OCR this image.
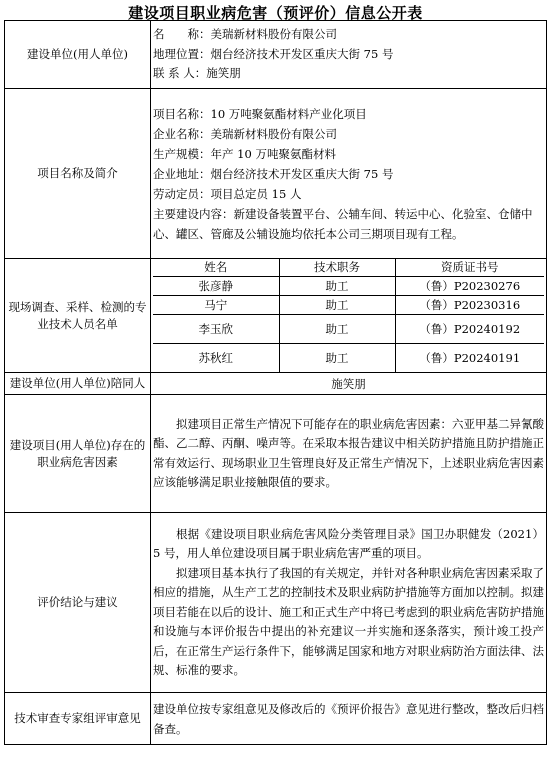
建设项目职业病危害（预评价）信息公开表
建设单位(用人单位)	
名　　称：美瑞新材料股份有限公司
地理位置：烟台经济技术开发区重庆大街 75 号
联 系 人：施笑朋

项目名称及简介	
项目名称：10 万吨聚氨酯材料产业化项目
企业名称：美瑞新材料股份有限公司
生产规模：年产 10 万吨聚氨酯材料
企业地址：烟台经济技术开发区重庆大街 75 号
劳动定员：项目总定员 15 人
主要建设内容：新建设备装置平台、公辅车间、转运中心、化验室、仓储中心、罐区、管廊及公辅设施均依托本公司三期项目现有工程。

现场调查、采样、检测的专业技术人员名单	
姓名	技术职务	资质证书号
张彦静	助工	（鲁）P20230276
马宁	助工	（鲁）P20230316
李玉欣	助工	（鲁）P20240192
苏秋红	助工	（鲁）P20240191

建设单位(用人单位)陪同人	施笑朋
建设项目(用人单位)存在的职业病危害因素	
拟建项目正常生产情况下可能存在的职业病危害因素：六亚甲基二异氰酸酯、乙二醇、丙酮、噪声等。在采取本报告建议中相关防护措施且防护措施正常有效运行、现场职业卫生管理良好及正常生产情况下，上述职业病危害因素应该能够满足职业接触限值的要求。

评价结论与建议	
根据《建设项目职业病危害风险分类管理目录》国卫办职健发（2021）5 号，用人单位建设项目属于职业病危害严重的项目。
拟建项目基本执行了我国的有关规定，并针对各种职业病危害因素采取了相应的措施，从生产工艺的控制技术及职业病防护措施等方面加以控制。拟建项目若能在以后的设计、施工和正式生产中将已考虑到的职业病危害防护措施和设施与本评价报告中提出的补充建议一并实施和逐条落实，预计竣工投产后，在正常生产运行条件下，能够满足国家和地方对职业病防治方面法律、法规、标准的要求。

技术审查专家组评审意见	
建设单位按专家组意见及修改后的《预评价报告》意见进行整改，整改后归档备查。
